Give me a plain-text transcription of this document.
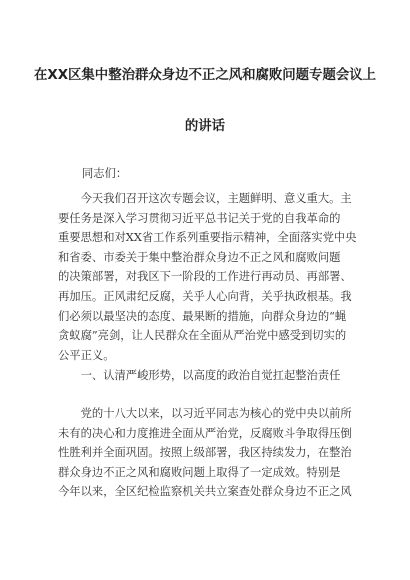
在XX区集中整治群众身边不正之风和腐败问题专题会议上
的讲话
同志们：
　　今天我们召开这次专题会议，主题鲜明、意义重大。主
要任务是深入学习贯彻习近平总书记关于党的自我革命的
重要思想和对XX省工作系列重要指示精神，全面落实党中央
和省委、市委关于集中整治群众身边不正之风和腐败问题
的决策部署，对我区下一阶段的工作进行再动员、再部署、
再加压。正风肃纪反腐，关乎人心向背，关乎执政根基。我
们必须以最坚决的态度、最果断的措施，向群众身边的“蝇
贪蚁腐”亮剑，让人民群众在全面从严治党中感受到切实的
公平正义。
　　一、认清严峻形势，以高度的政治自觉扛起整治责任
　　党的十八大以来，以习近平同志为核心的党中央以前所
未有的决心和力度推进全面从严治党，反腐败斗争取得压倒
性胜利并全面巩固。按照上级部署，我区持续发力，在整治
群众身边不正之风和腐败问题上取得了一定成效。特别是
今年以来，全区纪检监察机关共立案查处群众身边不正之风
